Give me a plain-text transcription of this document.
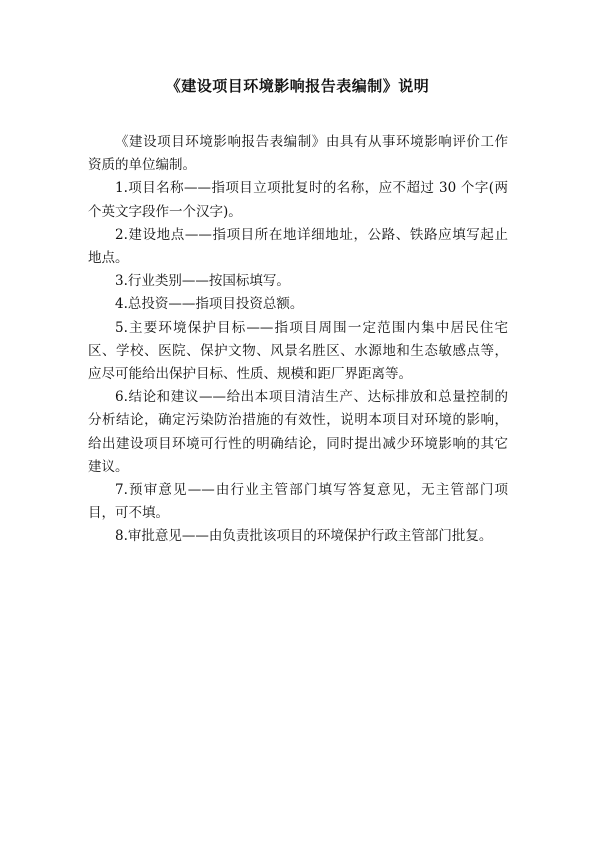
《建设项目环境影响报告表编制》说明
《建设项目环境影响报告表编制》由具有从事环境影响评价工作
资质的单位编制。
1.项目名称——指项目立项批复时的名称，应不超过 30 个字(两
个英文字段作一个汉字)。
2.建设地点——指项目所在地详细地址，公路、铁路应填写起止
地点。
3.行业类别——按国标填写。
4.总投资——指项目投资总额。
5.主要环境保护目标——指项目周围一定范围内集中居民住宅
区、学校、医院、保护文物、风景名胜区、水源地和生态敏感点等，
应尽可能给出保护目标、性质、规模和距厂界距离等。
6.结论和建议——给出本项目清洁生产、达标排放和总量控制的
分析结论，确定污染防治措施的有效性，说明本项目对环境的影响，
给出建设项目环境可行性的明确结论，同时提出减少环境影响的其它
建议。
7.预审意见——由行业主管部门填写答复意见，无主管部门项
目，可不填。
8.审批意见——由负责批该项目的环境保护行政主管部门批复。
